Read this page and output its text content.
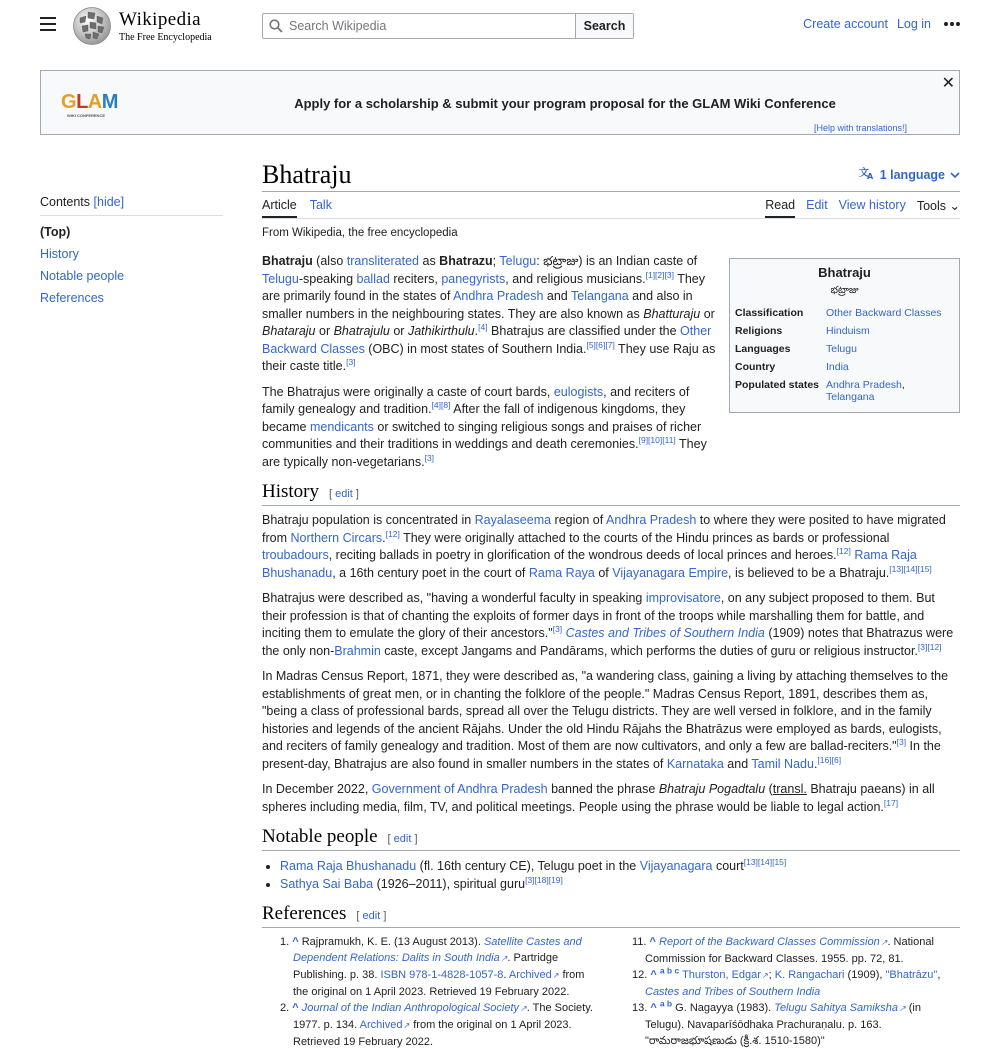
Wikipedia
The Free Encyclopedia
Search Wikipedia
Search	Create account Log in
GLAM
WIKI CONFERENCE
Apply for a scholarship & submit your program proposal for the GLAM Wiki Conference
✕
[Help with translations!]
Contents [hide]
(Top)
History
Notable people
References
Bhatraju	文
A 1 language
Article Talk	Read Edit View history Tools ⌄
From Wikipedia, the free encyclopedia
Bhatraju
భట్రాజు
Classification	Other Backward Classes
Religions	Hinduism
Languages	Telugu
Country	India
Populated states	Andhra Pradesh, Telangana

Bhatraju (also transliterated as Bhatrazu; Telugu: భట్రాజు) is an Indian caste of Telugu-speaking ballad reciters, panegyrists, and religious musicians.[1][2][3] They are primarily found in the states of Andhra Pradesh and Telangana and also in smaller numbers in the neighbouring states. They are also known as Bhatturaju or Bhataraju or Bhatrajulu or Jathikirthulu.[4] Bhatrajus are classified under the Other Backward Classes (OBC) in most states of Southern India.[5][6][7] They use Raju as their caste title.[3]

The Bhatrajus were originally a caste of court bards, eulogists, and reciters of family genealogy and tradition.[4][8] After the fall of indigenous kingdoms, they became mendicants or switched to singing religious songs and praises of richer communities and their traditions in weddings and death ceremonies.[9][10][11] They are typically non-vegetarians.[3]

History [ edit ]

Bhatraju population is concentrated in Rayalaseema region of Andhra Pradesh to where they were posited to have migrated from Northern Circars.[12] They were originally attached to the courts of the Hindu princes as bards or professional troubadours, reciting ballads in poetry in glorification of the wondrous deeds of local princes and heroes.[12] Rama Raja Bhushanadu, a 16th century poet in the court of Rama Raya of Vijayanagara Empire, is believed to be a Bhatraju.[13][14][15]

Bhatrajus were described as, "having a wonderful faculty in speaking improvisatore, on any subject proposed to them. But their profession is that of chanting the exploits of former days in front of the troops while marshalling them for battle, and inciting them to emulate the glory of their ancestors."[3] Castes and Tribes of Southern India (1909) notes that Bhatrazus were the only non-Brahmin caste, except Jangams and Pandārams, which performs the duties of guru or religious instructor.[3][12]

In Madras Census Report, 1871, they were described as, "a wandering class, gaining a living by attaching themselves to the establishments of great men, or in chanting the folklore of the people." Madras Census Report, 1891, describes them as, "being a class of professional bards, spread all over the Telugu districts. They are well versed in folklore, and in the family histories and legends of the ancient Rājahs. Under the old Hindu Rājahs the Bhatrāzus were employed as bards, eulogists, and reciters of family genealogy and tradition. Most of them are now cultivators, and only a few are ballad-reciters."[3] In the present-day, Bhatrajus are also found in smaller numbers in the states of Karnataka and Tamil Nadu.[16][6]

In December 2022, Government of Andhra Pradesh banned the phrase Bhatraju Pogadtalu (transl. Bhatraju paeans) in all spheres including media, film, TV, and political meetings. People using the phrase would be liable to legal action.[17]

Notable people [ edit ]
• Rama Raja Bhushanadu (fl. 16th century CE), Telugu poet in the Vijayanagara court[13][14][15]
• Sathya Sai Baba (1926–2011), spiritual guru[3][18][19]
References [ edit ]
1. ^ Rajpramukh, K. E. (13 August 2013). Satellite Castes and Dependent Relations: Dalits in South India ↗ . Partridge Publishing. p. 38. ISBN 978-1-4828-1057-8. Archived ↗ from the original on 1 April 2023. Retrieved 19 February 2022.
2. ^ Journal of the Indian Anthropological Society ↗ . The Society. 1977. p. 134. Archived ↗ from the original on 1 April 2023. Retrieved 19 February 2022.
11. ^ Report of the Backward Classes Commission ↗ . National Commission for Backward Classes. 1955. pp. 72, 81.
12. ^ $^{a b c}$ Thurston, Edgar ↗ ; K. Rangachari (1909), "Bhatrāzu", Castes and Tribes of Southern India
13. ^ $^{a b}$ G. Nagayya (1983). Telugu Sahitya Samiksha ↗ (in Telugu). Navaparīśōdhaka Prachuraṇalu. p. 163. "రామరాజభూషణుడు (క్రీ.శ. 1510-1580)"
